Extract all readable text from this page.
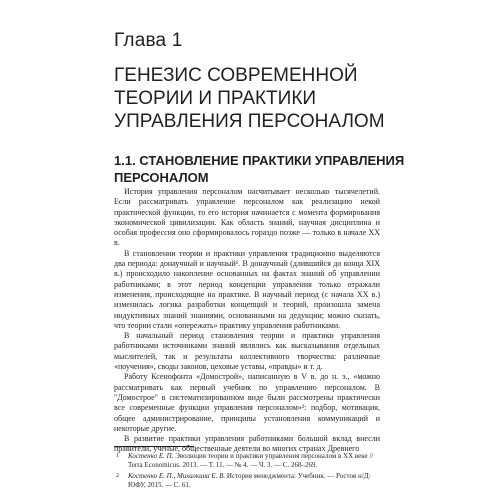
Глава 1
ГЕНЕЗИС СОВРЕМЕННОЙ ТЕОРИИ И ПРАКТИКИ УПРАВЛЕНИЯ ПЕРСОНАЛОМ
1.1. СТАНОВЛЕНИЕ ПРАКТИКИ УПРАВЛЕНИЯ ПЕРСОНАЛОМ

История управления персоналом насчитывает несколько тысячелетий. Если рассматривать управление персоналом как реализацию некой практической функции, то его история начинается с момента формирования экономической цивилизации. Как область знаний, научная дисциплина и особая профессия оно сформировалось гораздо позже — только в начале XX в.

В становлении теории и практики управления традиционно выделяются два периода: донаучный и научный¹. В донаучный (длившийся до конца XIX в.) происходило накопление основанных на фактах знаний об управлении работниками; в этот период концепции управления только отражали изменения, происходящие на практике. В научный период (с начала XX в.) изменилась логика разработки концепций и теорий, произошла замена индуктивных знаний знаниями, основанными на дедукции; можно сказать, что теории стали «опережать» практику управления работниками.

В начальный период становления теории и практики управления работниками источниками знаний являлись как высказывания отдельных мыслителей, так и результаты коллективного творчества: различные «поучения», своды законов, цеховые уставы, «правды» и т. д.

Работу Ксенофонта «Домострой», написанную в V в. до н. э., «можно рассматривать как первый учебник по управлению персоналом. В "Домострое" в систематизированном виде были рассмотрены практически все современные функции управления персоналом»²: подбор, мотивация, общее администрирование, принципы установления коммуникаций и некоторые другие.

В развитие практики управления работниками большой вклад внесли правители, ученые, общественные деятели во многих странах Древнего

1 Костенко Е. П. Эволюция теории и практики управления персоналом в XX веке // Terra Economicus. 2013. — Т. 11. — № 4. — Ч. 3. — С. 268–269.
2 Костенко Е. П., Михалкина Е. В. История менеджмента: Учебник. — Ростов н/Д: ЮФУ, 2015. — С. 61.
